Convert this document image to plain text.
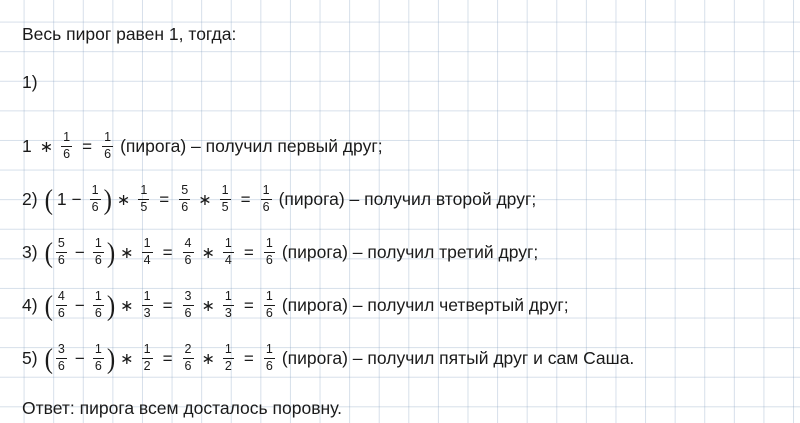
Весь пирог равен 1, тогда:
1)
1 ∗ $\frac{1}{6} = \frac{1}{6}$ (пирога) – получил первый друг;
2) ( $1 - \frac{1}{6}$ ) ∗ $\frac{1}{5} = \frac{5}{6}$ ∗ $\frac{1}{5} = \frac{1}{6}$ (пирога) – получил второй друг;
3) ( $\frac{5}{6} - \frac{1}{6}$ ) ∗ $\frac{1}{4} = \frac{4}{6}$ ∗ $\frac{1}{4} = \frac{1}{6}$ (пирога) – получил третий друг;
4) ( $\frac{4}{6} - \frac{1}{6}$ ) ∗ $\frac{1}{3} = \frac{3}{6}$ ∗ $\frac{1}{3} = \frac{1}{6}$ (пирога) – получил четвертый друг;
5) ( $\frac{3}{6} - \frac{1}{6}$ ) ∗ $\frac{1}{2} = \frac{2}{6}$ ∗ $\frac{1}{2} = \frac{1}{6}$ (пирога) – получил пятый друг и сам Саша.
Ответ: пирога всем досталось поровну.
